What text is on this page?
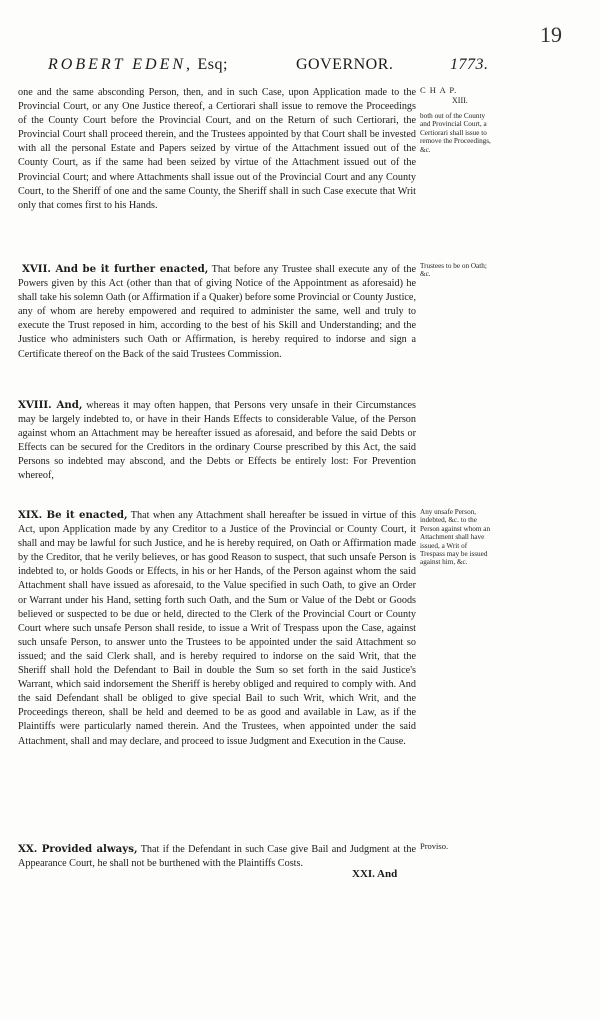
19
ROBERT EDEN, Esq;	GOVERNOR.	1773.
one and the same absconding Person, then, and in such Case, upon Application made to the Provincial Court, or any One Justice thereof, a Certiorari shall issue to remove the Proceedings of the County Court before the Provincial Court, and on the Return of such Certiorari, the Provincial Court shall proceed therein, and the Trustees appointed by that Court shall be invested with all the personal Estate and Papers seized by virtue of the Attachment issued out of the County Court, as if the same had been seized by virtue of the Attachment issued out of the Provincial Court; and where Attachments shall issue out of the Provincial Court and any County Court, to the Sheriff of one and the same County, the Sheriff shall in such Case execute that Writ only that comes first to his Hands.
XVII. And be it further enacted, That before any Trustee shall execute any of the Powers given by this Act (other than that of giving Notice of the Appointment as aforesaid) he shall take his solemn Oath (or Affirmation if a Quaker) before some Provincial or County Justice, any of whom are hereby empowered and required to administer the same, well and truly to execute the Trust reposed in him, according to the best of his Skill and Understanding; and the Justice who administers such Oath or Affirmation, is hereby required to indorse and sign a Certificate thereof on the Back of the said Trustees Commission.
XVIII. And, whereas it may often happen, that Persons very unsafe in their Circumstances may be largely indebted to, or have in their Hands Effects to considerable Value, of the Person against whom an Attachment may be hereafter issued as aforesaid, and before the said Debts or Effects can be secured for the Creditors in the ordinary Course prescribed by this Act, the said Persons so indebted may abscond, and the Debts or Effects be entirely lost: For Prevention whereof,
XIX. Be it enacted, That when any Attachment shall hereafter be issued in virtue of this Act, upon Application made by any Creditor to a Justice of the Provincial or County Court, it shall and may be lawful for such Justice, and he is hereby required, on Oath or Affirmation made by the Creditor, that he verily believes, or has good Reason to suspect, that such unsafe Person is indebted to, or holds Goods or Effects, in his or her Hands, of the Person against whom the said Attachment shall have issued as aforesaid, to the Value specified in such Oath, to give an Order or Warrant under his Hand, setting forth such Oath, and the Sum or Value of the Debt or Goods believed or suspected to be due or held, directed to the Clerk of the Provincial Court or County Court where such unsafe Person shall reside, to issue a Writ of Trespass upon the Case, against such unsafe Person, to answer unto the Trustees to be appointed under the said Attachment so issued; and the said Clerk shall, and is hereby required to indorse on the said Writ, that the Sheriff shall hold the Defendant to Bail in double the Sum so set forth in the said Justice's Warrant, which said indorsement the Sheriff is hereby obliged and required to comply with. And the said Defendant shall be obliged to give special Bail to such Writ, which Writ, and the Proceedings thereon, shall be held and deemed to be as good and available in Law, as if the Plaintiffs were particularly named therein. And the Trustees, when appointed under the said Attachment, shall and may declare, and proceed to issue Judgment and Execution in the Cause.
XX. Provided always, That if the Defendant in such Case give Bail and Judgment at the Appearance Court, he shall not be burthened with the Plaintiffs Costs.
C H A P.
XIII.
both out of the County and Provincial Court, a Certiorari shall issue to remove the Proceedings, &c.
Trustees to be on Oath; &c.
Any unsafe Person, indebted, &c. to the Person against whom an Attachment shall have issued, a Writ of Trespass may be issued against him, &c.
Proviso.
XXI. And
